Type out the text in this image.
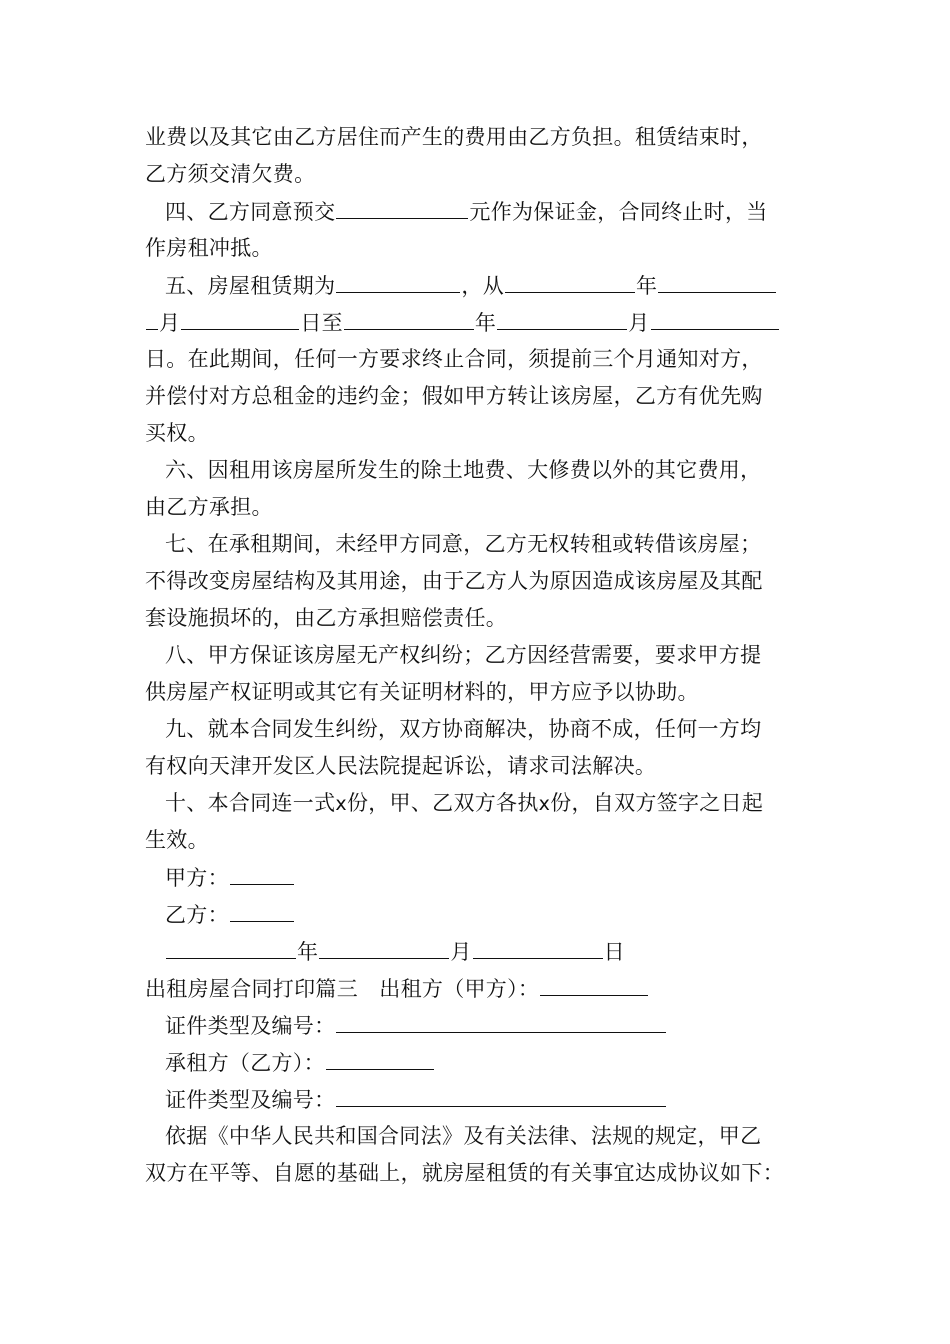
业费以及其它由乙方居住而产生的费用由乙方负担。租赁结束时，
乙方须交清欠费。
四、乙方同意预交	元作为保证金，合同终止时，当
作房租冲抵。
五、房屋租赁期为	，从	年
月	日至	年	月
日。在此期间，任何一方要求终止合同，须提前三个月通知对方，
并偿付对方总租金的违约金；假如甲方转让该房屋，乙方有优先购
买权。
六、因租用该房屋所发生的除土地费、大修费以外的其它费用，
由乙方承担。
七、在承租期间，未经甲方同意，乙方无权转租或转借该房屋；
不得改变房屋结构及其用途，由于乙方人为原因造成该房屋及其配
套设施损坏的，由乙方承担赔偿责任。
八、甲方保证该房屋无产权纠纷；乙方因经营需要，要求甲方提
供房屋产权证明或其它有关证明材料的，甲方应予以协助。
九、就本合同发生纠纷，双方协商解决，协商不成，任何一方均
有权向天津开发区人民法院提起诉讼，请求司法解决。
十、本合同连一式x份，甲、乙双方各执x份，自双方签字之日起
生效。
甲方：
乙方：
年	月	日
出租房屋合同打印篇三　出租方（甲方）：
证件类型及编号：
承租方（乙方）：
证件类型及编号：
依据《中华人民共和国合同法》及有关法律、法规的规定，甲乙
双方在平等、自愿的基础上，就房屋租赁的有关事宜达成协议如下：
